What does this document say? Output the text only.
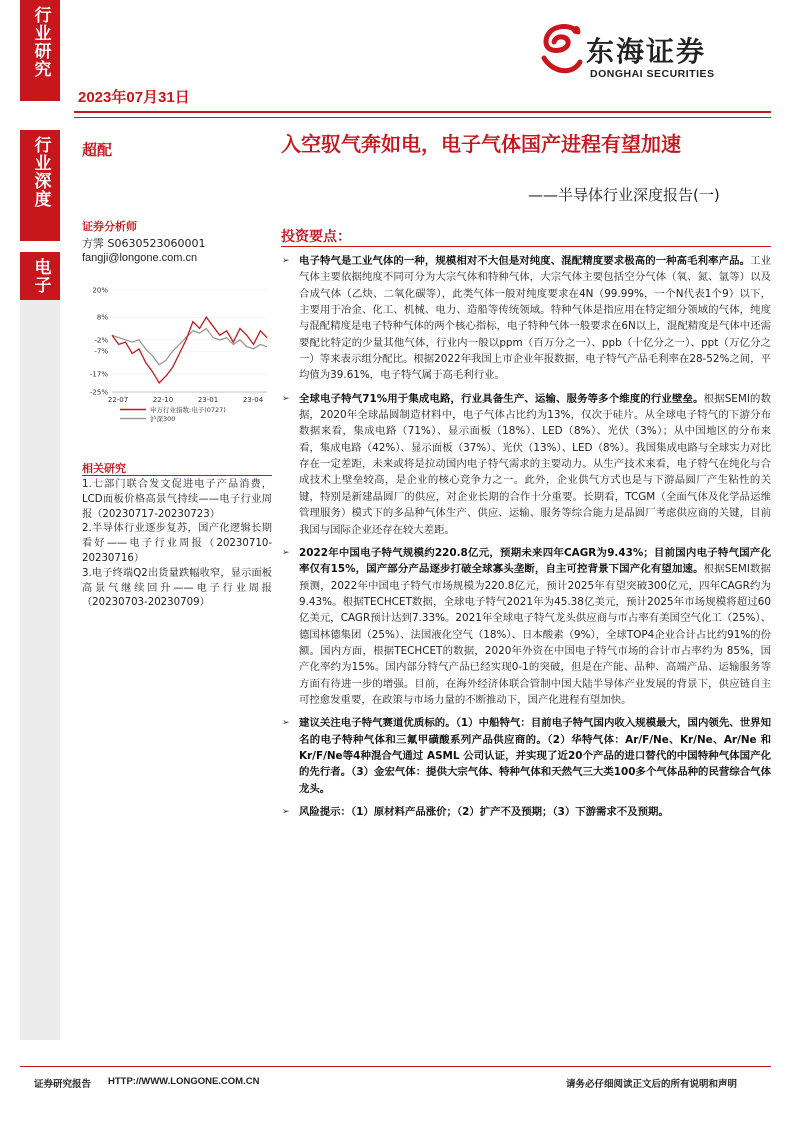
行业研究
行业深度
电子
2023年07月31日
东海证券
DONGHAI SECURITIES
超配	入空驭气奔如电，电子气体国产进程有望加速
——半导体行业深度报告(一)
证券分析师
方霁 S0630523060001
fangji@longone.com.cn
20%
8%
-2%
-7%
-17%
-25%
22-07	22-10	23-01	23-04
申万行业指数:电子(0727)
沪深300
相关研究
1.七部门联合发文促进电子产品消费，LCD面板价格高景气持续——电子行业周报（20230717-20230723）
2.半导体行业逐步复苏，国产化逻辑长期看好——电子行业周报（20230710-20230716）
3.电子终端Q2出货量跌幅收窄，显示面板高景气继续回升——电子行业周报（20230703-20230709）
投资要点：
➢ 电子特气是工业气体的一种，规模相对不大但是对纯度、混配精度要求极高的一种高毛利率产品。工业气体主要依据纯度不同可分为大宗气体和特种气体，大宗气体主要包括空分气体（氧、氮、氩等）以及合成气体（乙炔、二氧化碳等），此类气体一般对纯度要求在4N（99.99%，一个N代表1个9）以下，主要用于冶金、化工、机械、电力、造船等传统领域。特种气体是指应用在特定细分领域的气体，纯度与混配精度是电子特种气体的两个核心指标，电子特种气体一般要求在6N以上，混配精度是气体中还需要配比特定的少量其他气体，行业内一般以ppm（百万分之一）、ppb（十亿分之一）、ppt（万亿分之一）等来表示组分配比。根据2022年我国上市企业年报数据，电子特气产品毛利率在28-52%之间，平均值为39.61%，电子特气属于高毛利行业。
➢ 全球电子特气71%用于集成电路，行业具备生产、运输、服务等多个维度的行业壁垒。根据SEMI的数据，2020年全球晶圆制造材料中，电子气体占比约为13%，仅次于硅片。从全球电子特气的下游分布数据来看，集成电路（71%）、显示面板（18%）、LED（8%）、光伏（3%）；从中国地区的分布来看，集成电路（42%）、显示面板（37%）、光伏（13%）、LED（8%）。我国集成电路与全球实力对比存在一定差距，未来或将是拉动国内电子特气需求的主要动力。从生产技术来看，电子特气在纯化与合成技术上壁垒较高，是企业的核心竞争力之一。此外，企业供气方式也是与下游晶圆厂产生粘性的关键，特别是新建晶圆厂的供应，对企业长期的合作十分重要。长期看，TCGM（全面气体及化学品运维管理服务）模式下的多品种气体生产、供应、运输、服务等综合能力是晶圆厂考虑供应商的关键，目前我国与国际企业还存在较大差距。
➢ 2022年中国电子特气规模约220.8亿元，预期未来四年CAGR为9.43%；目前国内电子特气国产化率仅有15%，国产部分产品逐步打破全球寡头垄断，自主可控背景下国产化有望加速。根据SEMI数据预测，2022年中国电子特气市场规模为220.8亿元，预计2025年有望突破300亿元，四年CAGR约为9.43%。根据TECHCET数据，全球电子特气2021年为45.38亿美元，预计2025年市场规模将超过60亿美元，CAGR预计达到7.33%。2021年全球电子特气龙头供应商与市占率有美国空气化工（25%）、德国林德集团（25%）、法国液化空气（18%）、日本酸素（9%），全球TOP4企业合计占比约91%的份额。国内方面，根据TECHCET的数据，2020年外资在中国电子特气市场的合计市占率约为 85%，国产化率约为15%。国内部分特气产品已经实现0-1的突破，但是在产能、品种、高端产品、运输服务等方面有待进一步的增强。目前，在海外经济体联合管制中国大陆半导体产业发展的背景下，供应链自主可控愈发重要，在政策与市场力量的不断推动下，国产化进程有望加快。
➢ 建议关注电子特气赛道优质标的。（1）中船特气：目前电子特气国内收入规模最大，国内领先、世界知名的电子特种气体和三氟甲磺酸系列产品供应商的。（2）华特气体：Ar/F/Ne、Kr/Ne、Ar/Ne 和Kr/F/Ne等4种混合气通过 ASML 公司认证，并实现了近20个产品的进口替代的中国特种气体国产化的先行者。（3）金宏气体：提供大宗气体、特种气体和天然气三大类100多个气体品种的民营综合气体龙头。
➢ 风险提示：（1）原材料产品涨价；（2）扩产不及预期；（3）下游需求不及预期。
证券研究报告 HTTP://WWW.LONGONE.COM.CN	请务必仔细阅读正文后的所有说明和声明
